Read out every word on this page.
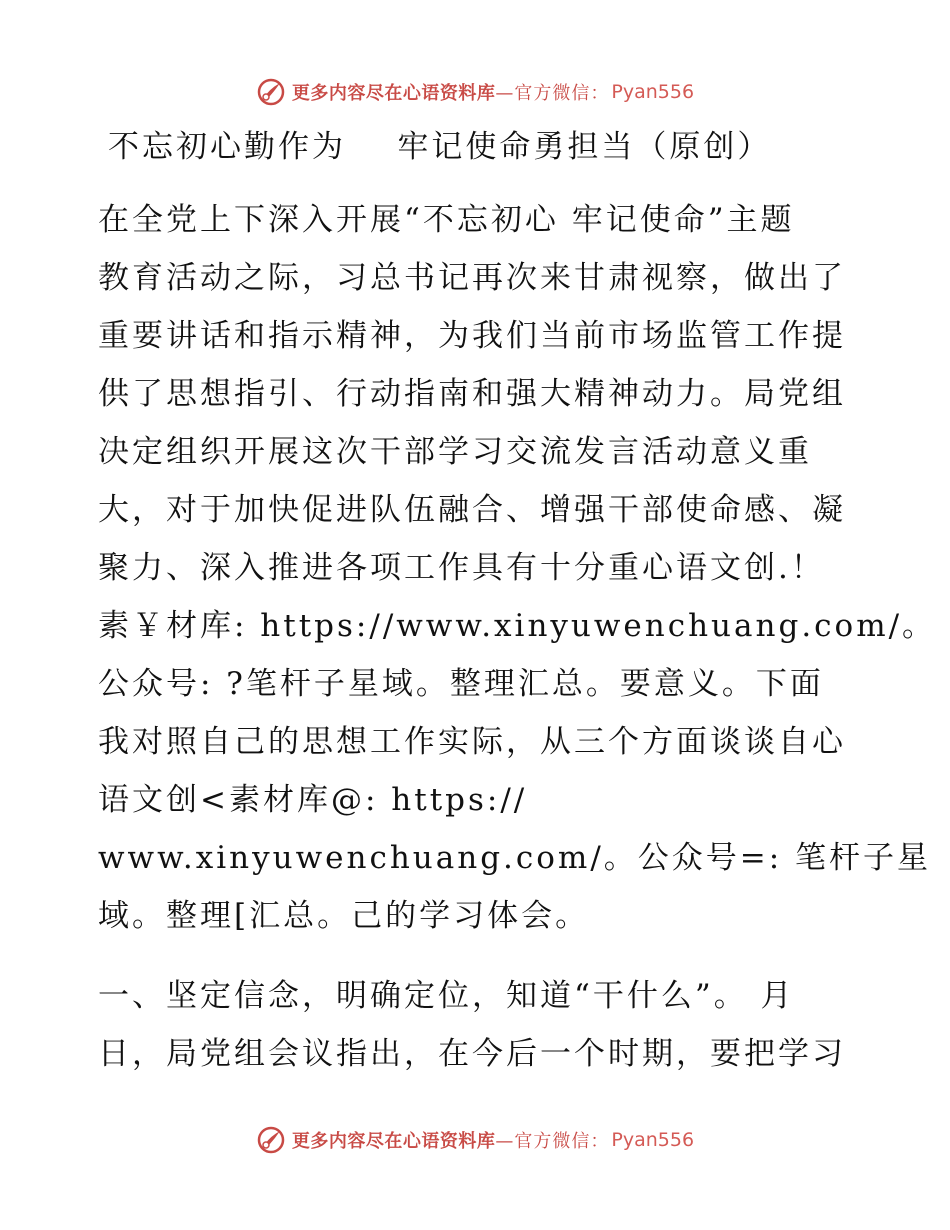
更多内容尽在心语资料库 —官方微信： Pyan556
不忘初心勤作为    牢记使命勇担当（原创）
在全党上下深入开展“不忘初心 牢记使命”主题
教育活动之际，习总书记再次来甘肃视察，做出了
重要讲话和指示精神，为我们当前市场监管工作提
供了思想指引、行动指南和强大精神动力。局党组
决定组织开展这次干部学习交流发言活动意义重
大，对于加快促进队伍融合、增强干部使命感、凝
聚力、深入推进各项工作具有十分重心语文创.！
素￥材库: https://www.xinyuwenchuang.com/。
公众号: ?笔杆子星域。整理汇总。要意义。下面
我对照自己的思想工作实际，从三个方面谈谈自心
语文创<素材库@: https://
www.xinyuwenchuang.com/。公众号=: 笔杆子星
域。整理[汇总。己的学习体会。
一、坚定信念，明确定位，知道“干什么”。 月
日，局党组会议指出，在今后一个时期，要把学习
更多内容尽在心语资料库 —官方微信： Pyan556
